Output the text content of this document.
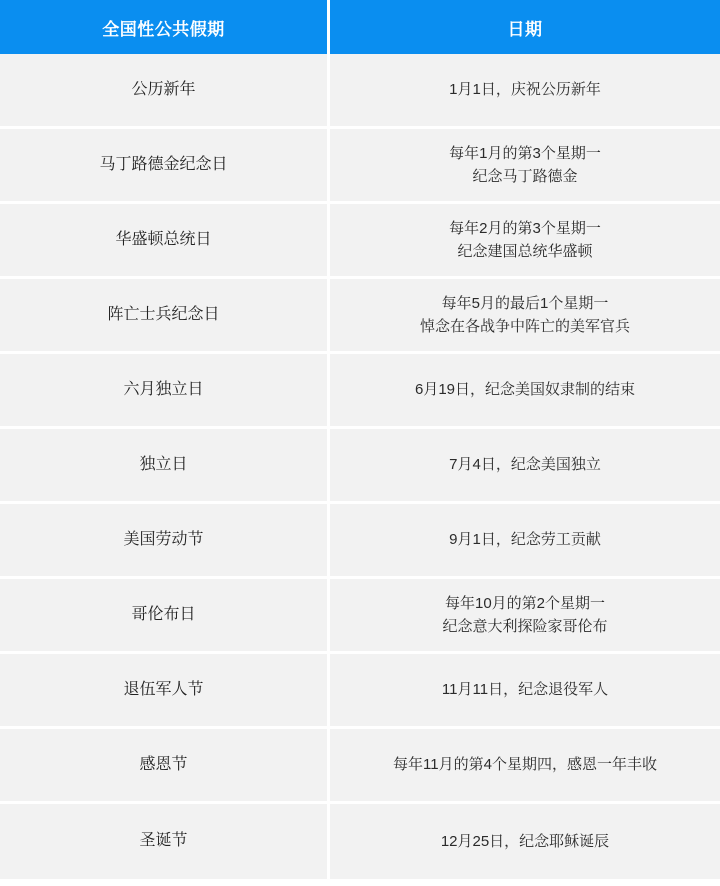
全国性公共假期	日期
公历新年	1月1日，庆祝公历新年

马丁路德金纪念日	每年1月的第3个星期一
纪念马丁路德金

华盛顿总统日	每年2月的第3个星期一
纪念建国总统华盛顿

阵亡士兵纪念日	每年5月的最后1个星期一
悼念在各战争中阵亡的美军官兵

六月独立日	6月19日，纪念美国奴隶制的结束

独立日	7月4日，纪念美国独立

美国劳动节	9月1日，纪念劳工贡献

哥伦布日	每年10月的第2个星期一
纪念意大利探险家哥伦布

退伍军人节	11月11日，纪念退役军人

感恩节	每年11月的第4个星期四，感恩一年丰收

圣诞节	12月25日，纪念耶稣诞辰
